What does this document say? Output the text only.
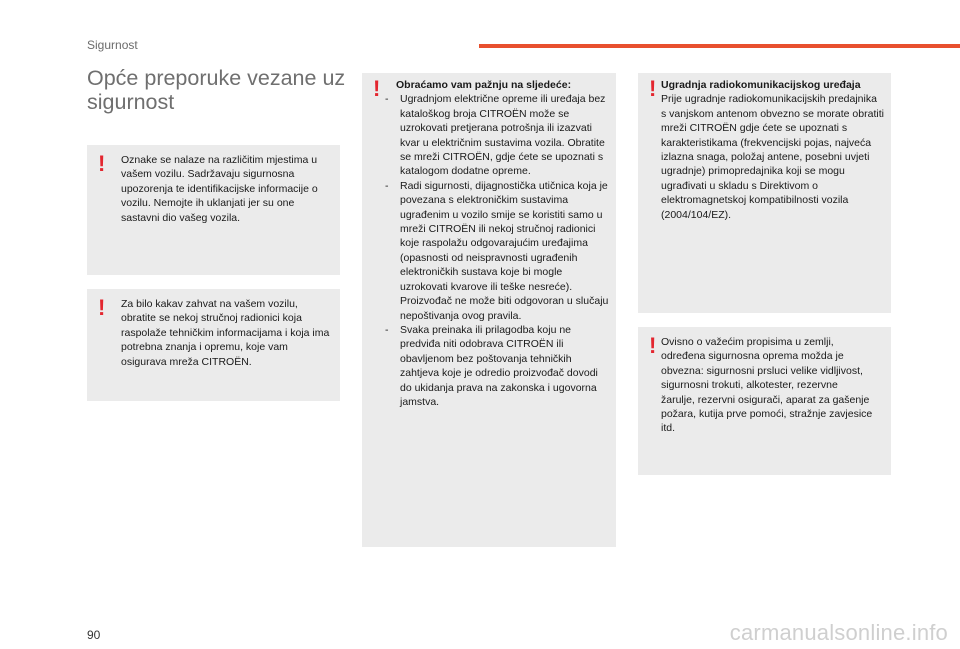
Sigurnost
Opće preporuke vezane uz sigurnost
! Oznake se nalaze na različitim mjestima u vašem vozilu. Sadržavaju sigurnosna upozorenja te identifikacijske informacije o vozilu. Nemojte ih uklanjati jer su one sastavni dio vašeg vozila.
! Za bilo kakav zahvat na vašem vozilu, obratite se nekoj stručnoj radionici koja raspolaže tehničkim informacijama i koja ima potrebna znanja i opremu, koje vam osigurava mreža CITROËN.
!	Obraćamo vam pažnju na sljedeće:
- Ugradnjom električne opreme ili uređaja bez kataloškog broja CITROËN može se uzrokovati pretjerana potrošnja ili izazvati kvar u električnim sustavima vozila. Obratite se mreži CITROËN, gdje ćete se upoznati s katalogom dodatne opreme.
- Radi sigurnosti, dijagnostička utičnica koja je povezana s elektroničkim sustavima ugrađenim u vozilo smije se koristiti samo u mreži CITROËN ili nekoj stručnoj radionici koje raspolažu odgovarajućim uređajima (opasnosti od neispravnosti ugrađenih elektroničkih sustava koje bi mogle uzrokovati kvarove ili teške nesreće). Proizvođač ne može biti odgovoran u slučaju nepoštivanja ovog pravila.
- Svaka preinaka ili prilagodba koju ne predviđa niti odobrava CITROËN ili obavljenom bez poštovanja tehničkih zahtjeva koje je odredio proizvođač dovodi do ukidanja prava na zakonska i ugovorna jamstva.
! Ugradnja radiokomunikacijskog uređaja
Prije ugradnje radiokomunikacijskih predajnika s vanjskom antenom obvezno se morate obratiti mreži CITROËN gdje ćete se upoznati s karakteristikama (frekvencijski pojas, najveća izlazna snaga, položaj antene, posebni uvjeti ugradnje) primopredajnika koji se mogu ugrađivati u skladu s Direktivom o elektromagnetskoj kompatibilnosti vozila (2004/104/EZ).
! Ovisno o važećim propisima u zemlji, određena sigurnosna oprema možda je obvezna: sigurnosni prsluci velike vidljivost, sigurnosni trokuti, alkotester, rezervne žarulje, rezervni osigurači, aparat za gašenje požara, kutija prve pomoći, stražnje zavjesice itd.
90	carmanualsonline.info
